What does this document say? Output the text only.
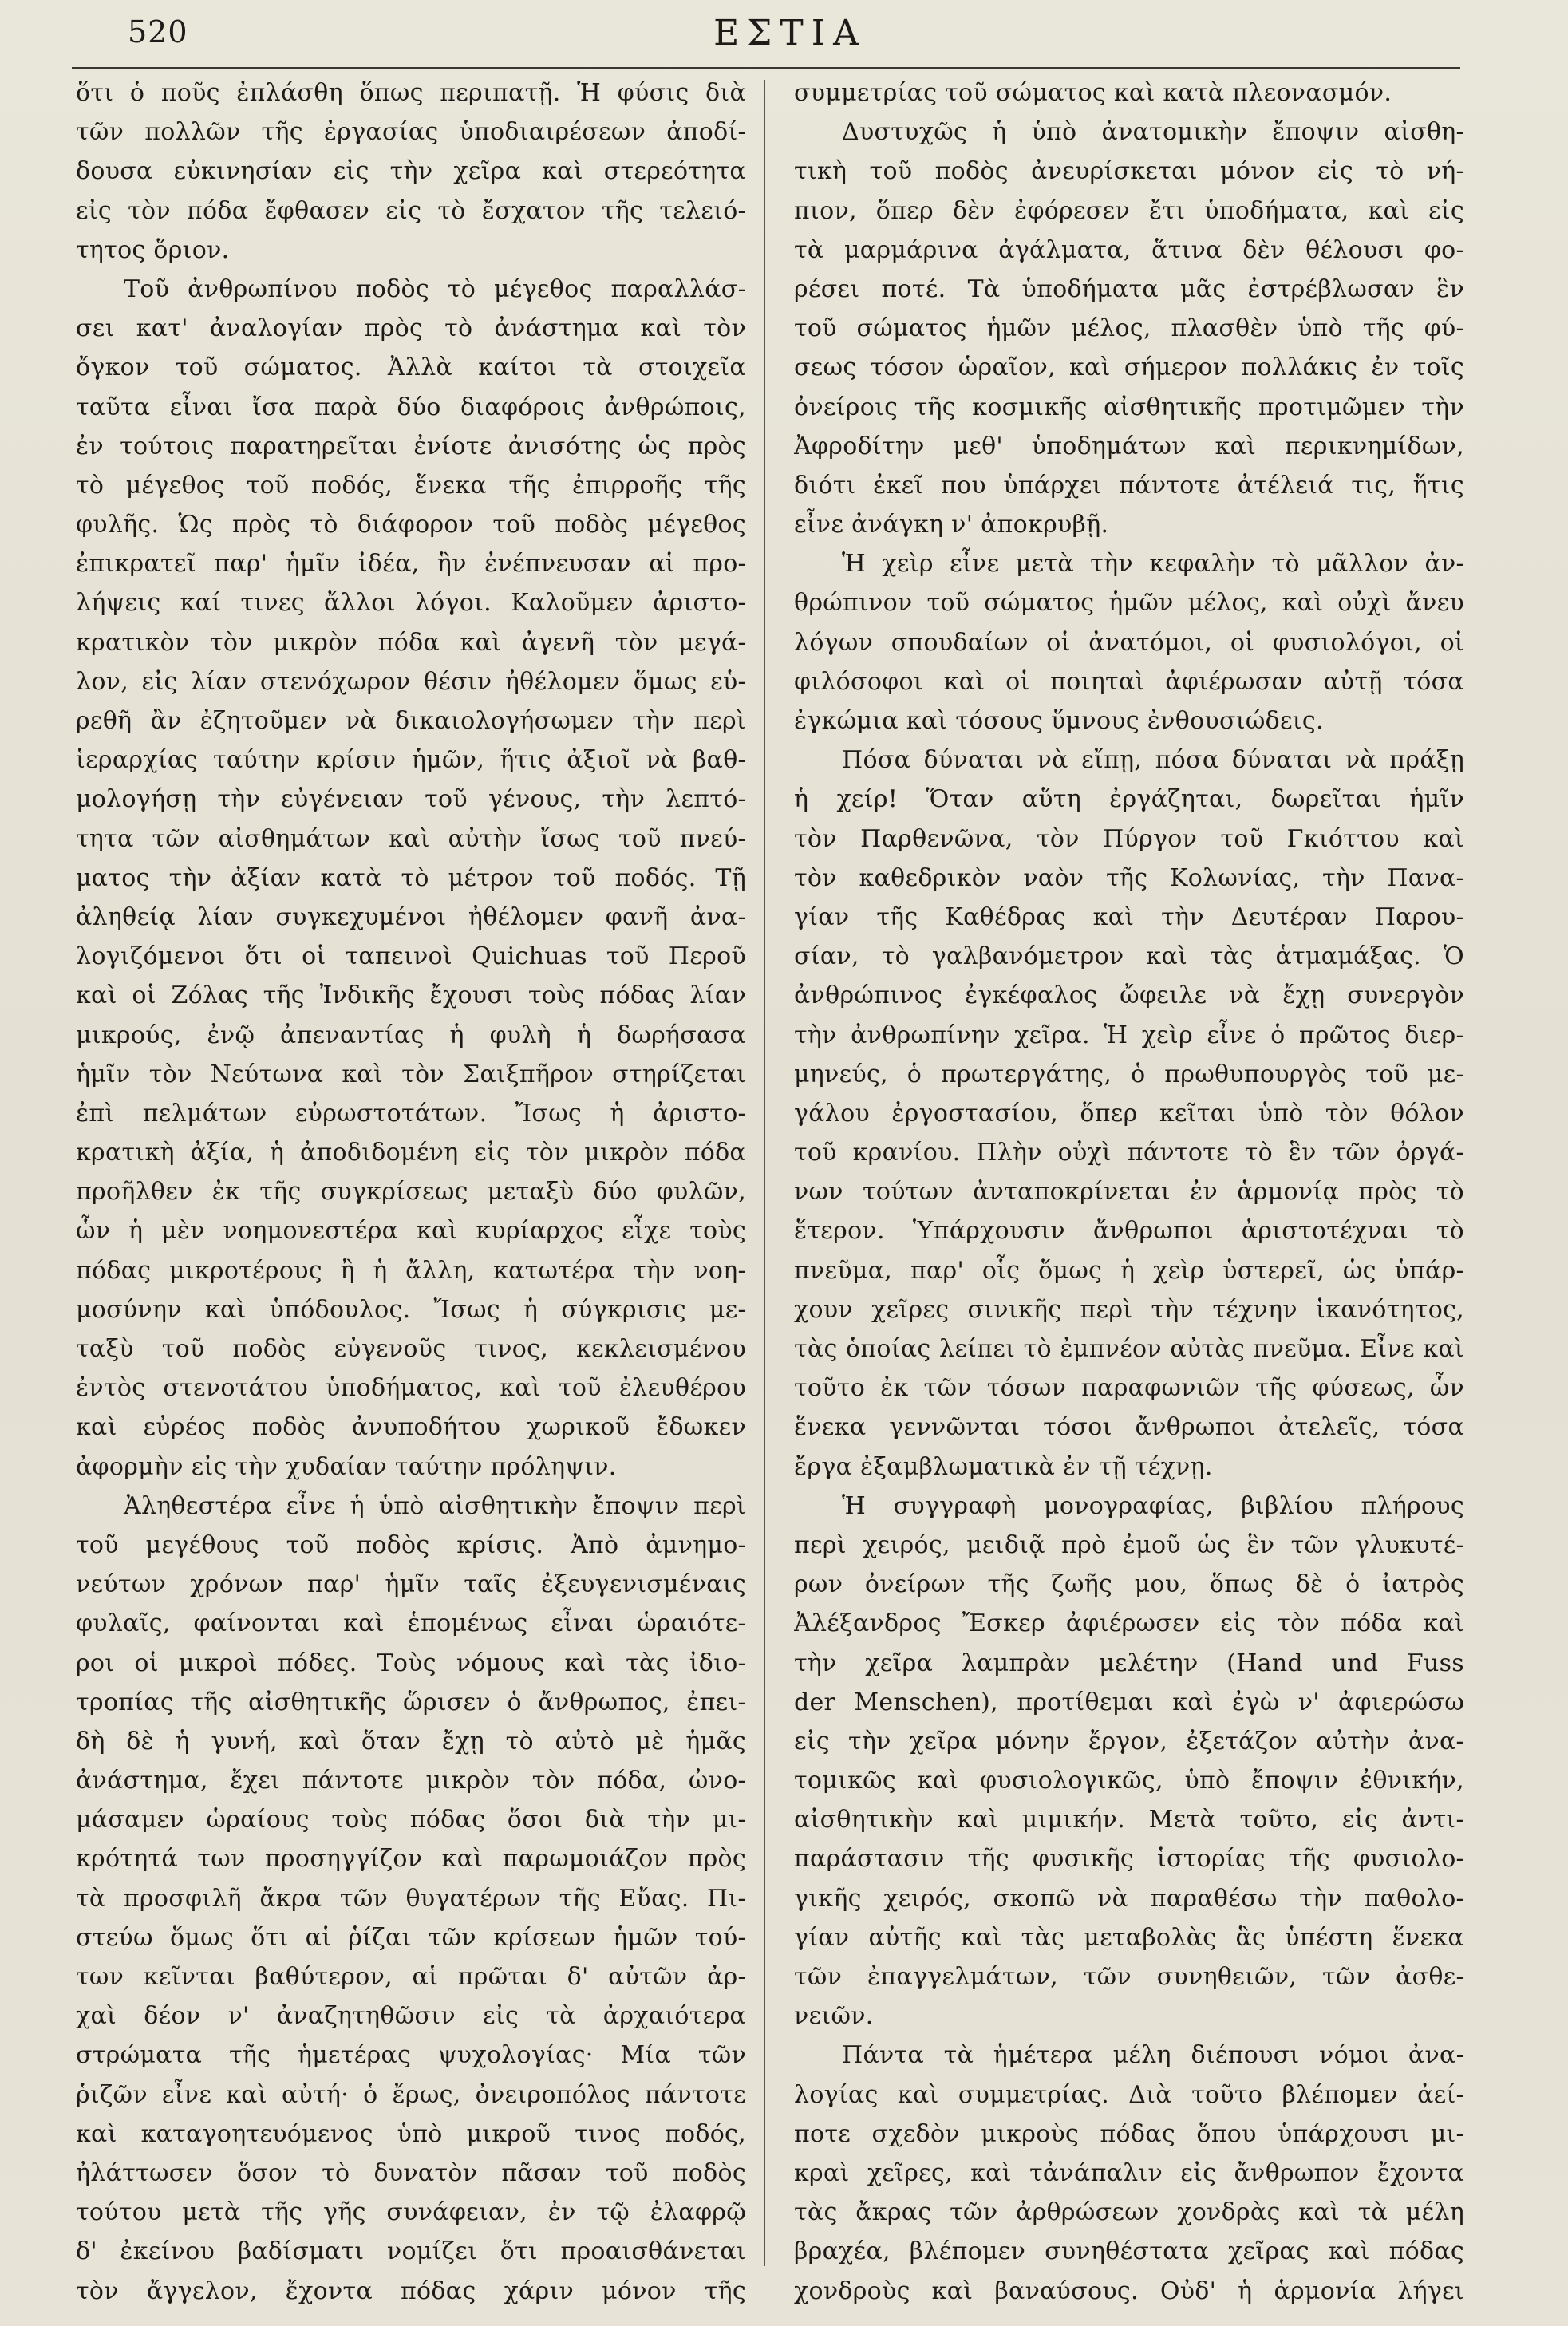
520	ΕΣΤΙΑ
ὅτι ὁ ποῦς ἐπλάσθη ὅπως περιπατῇ. Ἡ φύσις διὰ
τῶν πολλῶν τῆς ἐργασίας ὑποδιαιρέσεων ἀποδί-
δουσα εὐκινησίαν εἰς τὴν χεῖρα καὶ στερεότητα
εἰς τὸν πόδα ἔφθασεν εἰς τὸ ἔσχατον τῆς τελειό-
τητος ὅριον.
Τοῦ ἀνθρωπίνου ποδὸς τὸ μέγεθος παραλλάσ-
σει κατ' ἀναλογίαν πρὸς τὸ ἀνάστημα καὶ τὸν
ὄγκον τοῦ σώματος. Ἀλλὰ καίτοι τὰ στοιχεῖα
ταῦτα εἶναι ἴσα παρὰ δύο διαφόροις ἀνθρώποις,
ἐν τούτοις παρατηρεῖται ἐνίοτε ἀνισότης ὡς πρὸς
τὸ μέγεθος τοῦ ποδός, ἕνεκα τῆς ἐπιρροῆς τῆς
φυλῆς. Ὡς πρὸς τὸ διάφορον τοῦ ποδὸς μέγεθος
ἐπικρατεῖ παρ' ἡμῖν ἰδέα, ἣν ἐνέπνευσαν αἱ προ-
λήψεις καί τινες ἄλλοι λόγοι. Καλοῦμεν ἀριστο-
κρατικὸν τὸν μικρὸν πόδα καὶ ἀγενῆ τὸν μεγά-
λον, εἰς λίαν στενόχωρον θέσιν ἠθέλομεν ὅμως εὑ-
ρεθῆ ἂν ἐζητοῦμεν νὰ δικαιολογήσωμεν τὴν περὶ
ἱεραρχίας ταύτην κρίσιν ἡμῶν, ἥτις ἀξιοῖ νὰ βαθ-
μολογήσῃ τὴν εὐγένειαν τοῦ γένους, τὴν λεπτό-
τητα τῶν αἰσθημάτων καὶ αὐτὴν ἴσως τοῦ πνεύ-
ματος τὴν ἀξίαν κατὰ τὸ μέτρον τοῦ ποδός. Τῇ
ἀληθείᾳ λίαν συγκεχυμένοι ἠθέλομεν φανῆ ἀνα-
λογιζόμενοι ὅτι οἱ ταπεινοὶ Quichuas τοῦ Περοῦ
καὶ οἱ Ζόλας τῆς Ἰνδικῆς ἔχουσι τοὺς πόδας λίαν
μικρούς, ἐνῷ ἀπεναντίας ἡ φυλὴ ἡ δωρήσασα
ἡμῖν τὸν Νεύτωνα καὶ τὸν Σαιξπῆρον στηρίζεται
ἐπὶ πελμάτων εὐρωστοτάτων. Ἴσως ἡ ἀριστο-
κρατικὴ ἀξία, ἡ ἀποδιδομένη εἰς τὸν μικρὸν πόδα
προῆλθεν ἐκ τῆς συγκρίσεως μεταξὺ δύο φυλῶν,
ὧν ἡ μὲν νοημονεστέρα καὶ κυρίαρχος εἶχε τοὺς
πόδας μικροτέρους ἢ ἡ ἄλλη, κατωτέρα τὴν νοη-
μοσύνην καὶ ὑπόδουλος. Ἴσως ἡ σύγκρισις με-
ταξὺ τοῦ ποδὸς εὐγενοῦς τινος, κεκλεισμένου
ἐντὸς στενοτάτου ὑποδήματος, καὶ τοῦ ἐλευθέρου
καὶ εὐρέος ποδὸς ἀνυποδήτου χωρικοῦ ἔδωκεν
ἀφορμὴν εἰς τὴν χυδαίαν ταύτην πρόληψιν.
Ἀληθεστέρα εἶνε ἡ ὑπὸ αἰσθητικὴν ἔποψιν περὶ
τοῦ μεγέθους τοῦ ποδὸς κρίσις. Ἀπὸ ἀμνημο-
νεύτων χρόνων παρ' ἡμῖν ταῖς ἐξευγενισμέναις
φυλαῖς, φαίνονται καὶ ἑπομένως εἶναι ὡραιότε-
ροι οἱ μικροὶ πόδες. Τοὺς νόμους καὶ τὰς ἰδιο-
τροπίας τῆς αἰσθητικῆς ὥρισεν ὁ ἄνθρωπος, ἐπει-
δὴ δὲ ἡ γυνή, καὶ ὅταν ἔχῃ τὸ αὐτὸ μὲ ἡμᾶς
ἀνάστημα, ἔχει πάντοτε μικρὸν τὸν πόδα, ὠνο-
μάσαμεν ὡραίους τοὺς πόδας ὅσοι διὰ τὴν μι-
κρότητά των προσηγγίζον καὶ παρωμοιάζον πρὸς
τὰ προσφιλῆ ἄκρα τῶν θυγατέρων τῆς Εὔας. Πι-
στεύω ὅμως ὅτι αἱ ῥίζαι τῶν κρίσεων ἡμῶν τού-
των κεῖνται βαθύτερον, αἱ πρῶται δ' αὐτῶν ἀρ-
χαὶ δέον ν' ἀναζητηθῶσιν εἰς τὰ ἀρχαιότερα
στρώματα τῆς ἡμετέρας ψυχολογίας· Μία τῶν
ῥιζῶν εἶνε καὶ αὐτή· ὁ ἔρως, ὀνειροπόλος πάντοτε
καὶ καταγοητευόμενος ὑπὸ μικροῦ τινος ποδός,
ἠλάττωσεν ὅσον τὸ δυνατὸν πᾶσαν τοῦ ποδὸς
τούτου μετὰ τῆς γῆς συνάφειαν, ἐν τῷ ἐλαφρῷ
δ' ἐκείνου βαδίσματι νομίζει ὅτι προαισθάνεται
τὸν ἄγγελον, ἔχοντα πόδας χάριν μόνον τῆς
συμμετρίας τοῦ σώματος καὶ κατὰ πλεονασμόν.
Δυστυχῶς ἡ ὑπὸ ἀνατομικὴν ἔποψιν αἰσθη-
τικὴ τοῦ ποδὸς ἀνευρίσκεται μόνον εἰς τὸ νή-
πιον, ὅπερ δὲν ἐφόρεσεν ἔτι ὑποδήματα, καὶ εἰς
τὰ μαρμάρινα ἀγάλματα, ἅτινα δὲν θέλουσι φο-
ρέσει ποτέ. Τὰ ὑποδήματα μᾶς ἐστρέβλωσαν ἓν
τοῦ σώματος ἡμῶν μέλος, πλασθὲν ὑπὸ τῆς φύ-
σεως τόσον ὡραῖον, καὶ σήμερον πολλάκις ἐν τοῖς
ὀνείροις τῆς κοσμικῆς αἰσθητικῆς προτιμῶμεν τὴν
Ἀφροδίτην μεθ' ὑποδημάτων καὶ περικνημίδων,
διότι ἐκεῖ που ὑπάρχει πάντοτε ἀτέλειά τις, ἥτις
εἶνε ἀνάγκη ν' ἀποκρυβῇ.
Ἡ χεὶρ εἶνε μετὰ τὴν κεφαλὴν τὸ μᾶλλον ἀν-
θρώπινον τοῦ σώματος ἡμῶν μέλος, καὶ οὐχὶ ἄνευ
λόγων σπουδαίων οἱ ἀνατόμοι, οἱ φυσιολόγοι, οἱ
φιλόσοφοι καὶ οἱ ποιηταὶ ἀφιέρωσαν αὐτῇ τόσα
ἐγκώμια καὶ τόσους ὕμνους ἐνθουσιώδεις.
Πόσα δύναται νὰ εἴπῃ, πόσα δύναται νὰ πράξῃ
ἡ χείρ! Ὅταν αὕτη ἐργάζηται, δωρεῖται ἡμῖν
τὸν Παρθενῶνα, τὸν Πύργον τοῦ Γκιόττου καὶ
τὸν καθεδρικὸν ναὸν τῆς Κολωνίας, τὴν Πανα-
γίαν τῆς Καθέδρας καὶ τὴν Δευτέραν Παρου-
σίαν, τὸ γαλβανόμετρον καὶ τὰς ἁτμαμάξας. Ὁ
ἀνθρώπινος ἐγκέφαλος ὤφειλε νὰ ἔχῃ συνεργὸν
τὴν ἀνθρωπίνην χεῖρα. Ἡ χεὶρ εἶνε ὁ πρῶτος διερ-
μηνεύς, ὁ πρωτεργάτης, ὁ πρωθυπουργὸς τοῦ με-
γάλου ἐργοστασίου, ὅπερ κεῖται ὑπὸ τὸν θόλον
τοῦ κρανίου. Πλὴν οὐχὶ πάντοτε τὸ ἓν τῶν ὀργά-
νων τούτων ἀνταποκρίνεται ἐν ἁρμονίᾳ πρὸς τὸ
ἕτερον. Ὑπάρχουσιν ἄνθρωποι ἀριστοτέχναι τὸ
πνεῦμα, παρ' οἷς ὅμως ἡ χεὶρ ὑστερεῖ, ὡς ὑπάρ-
χουν χεῖρες σινικῆς περὶ τὴν τέχνην ἱκανότητος,
τὰς ὁποίας λείπει τὸ ἐμπνέον αὐτὰς πνεῦμα. Εἶνε καὶ
τοῦτο ἐκ τῶν τόσων παραφωνιῶν τῆς φύσεως, ὧν
ἕνεκα γεννῶνται τόσοι ἄνθρωποι ἀτελεῖς, τόσα
ἔργα ἐξαμβλωματικὰ ἐν τῇ τέχνῃ.
Ἡ συγγραφὴ μονογραφίας, βιβλίου πλήρους
περὶ χειρός, μειδιᾷ πρὸ ἐμοῦ ὡς ἓν τῶν γλυκυτέ-
ρων ὀνείρων τῆς ζωῆς μου, ὅπως δὲ ὁ ἰατρὸς
Ἀλέξανδρος Ἔσκερ ἀφιέρωσεν εἰς τὸν πόδα καὶ
τὴν χεῖρα λαμπρὰν μελέτην (Hand und Fuss
der Menschen), προτίθεμαι καὶ ἐγὼ ν' ἀφιερώσω
εἰς τὴν χεῖρα μόνην ἔργον, ἐξετάζον αὐτὴν ἀνα-
τομικῶς καὶ φυσιολογικῶς, ὑπὸ ἔποψιν ἐθνικήν,
αἰσθητικὴν καὶ μιμικήν. Μετὰ τοῦτο, εἰς ἀντι-
παράστασιν τῆς φυσικῆς ἱστορίας τῆς φυσιολο-
γικῆς χειρός, σκοπῶ νὰ παραθέσω τὴν παθολο-
γίαν αὐτῆς καὶ τὰς μεταβολὰς ἃς ὑπέστη ἕνεκα
τῶν ἐπαγγελμάτων, τῶν συνηθειῶν, τῶν ἀσθε-
νειῶν.
Πάντα τὰ ἡμέτερα μέλη διέπουσι νόμοι ἀνα-
λογίας καὶ συμμετρίας. Διὰ τοῦτο βλέπομεν ἀεί-
ποτε σχεδὸν μικροὺς πόδας ὅπου ὑπάρχουσι μι-
κραὶ χεῖρες, καὶ τἀνάπαλιν εἰς ἄνθρωπον ἔχοντα
τὰς ἄκρας τῶν ἀρθρώσεων χονδρὰς καὶ τὰ μέλη
βραχέα, βλέπομεν συνηθέστατα χεῖρας καὶ πόδας
χονδροὺς καὶ βαναύσους. Οὐδ' ἡ ἁρμονία λήγει
